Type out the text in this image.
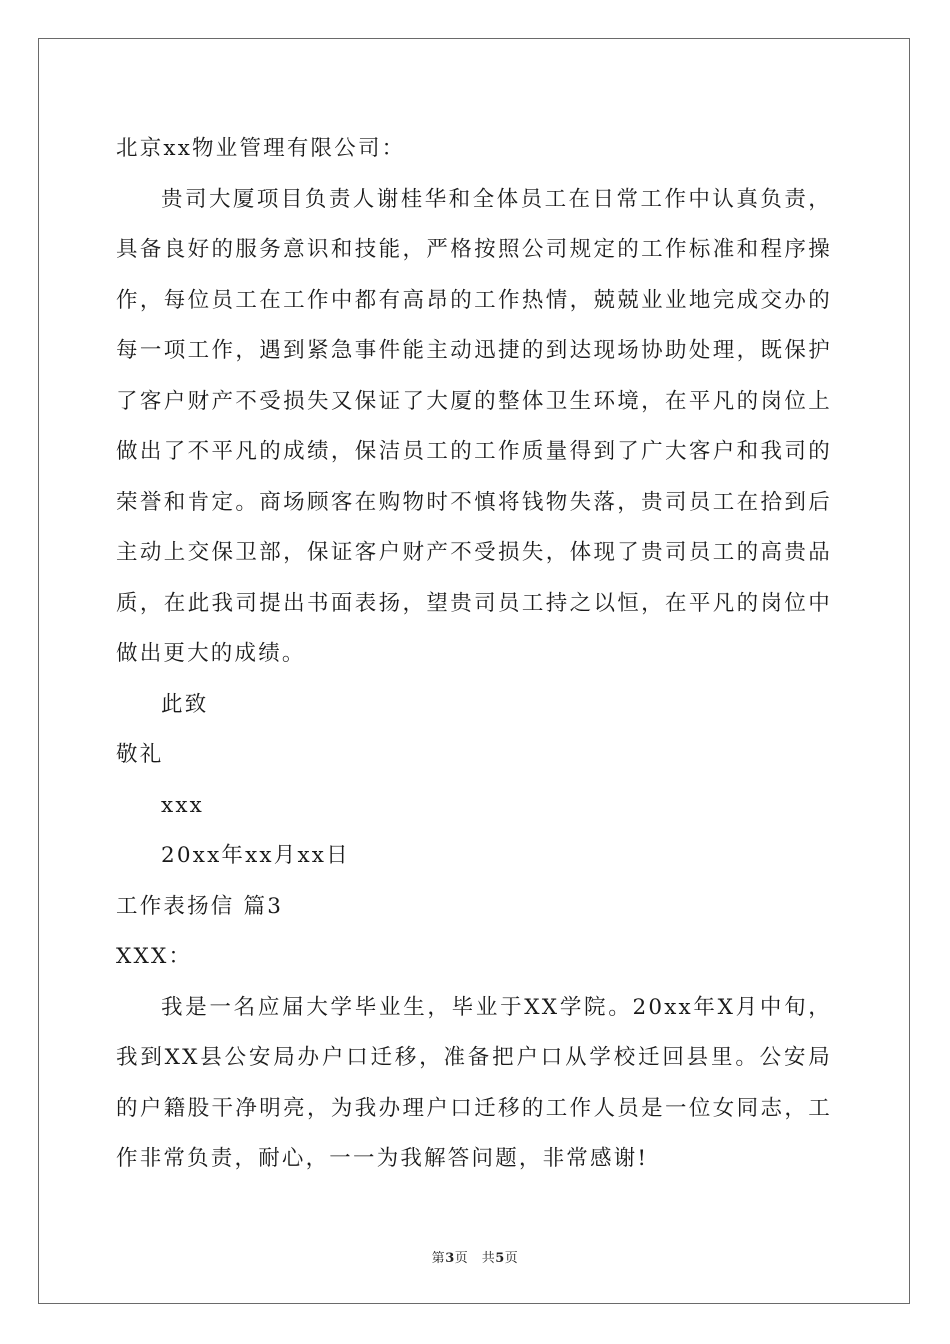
北京xx物业管理有限公司：

贵司大厦项目负责人谢桂华和全体员工在日常工作中认真负责，具备良好的服务意识和技能，严格按照公司规定的工作标准和程序操作，每位员工在工作中都有高昂的工作热情，兢兢业业地完成交办的每一项工作，遇到紧急事件能主动迅捷的到达现场协助处理，既保护了客户财产不受损失又保证了大厦的整体卫生环境，在平凡的岗位上做出了不平凡的成绩，保洁员工的工作质量得到了广大客户和我司的荣誉和肯定。商场顾客在购物时不慎将钱物失落，贵司员工在拾到后主动上交保卫部，保证客户财产不受损失，体现了贵司员工的高贵品质，在此我司提出书面表扬，望贵司员工持之以恒，在平凡的岗位中做出更大的成绩。

此致
敬礼
xxx
20xx年xx月xx日
工作表扬信 篇3
XXX：

我是一名应届大学毕业生，毕业于XX学院。20xx年X月中旬，我到XX县公安局办户口迁移，准备把户口从学校迁回县里。公安局的户籍股干净明亮，为我办理户口迁移的工作人员是一位女同志，工作非常负责，耐心，一一为我解答问题，非常感谢!

第3页　共5页
